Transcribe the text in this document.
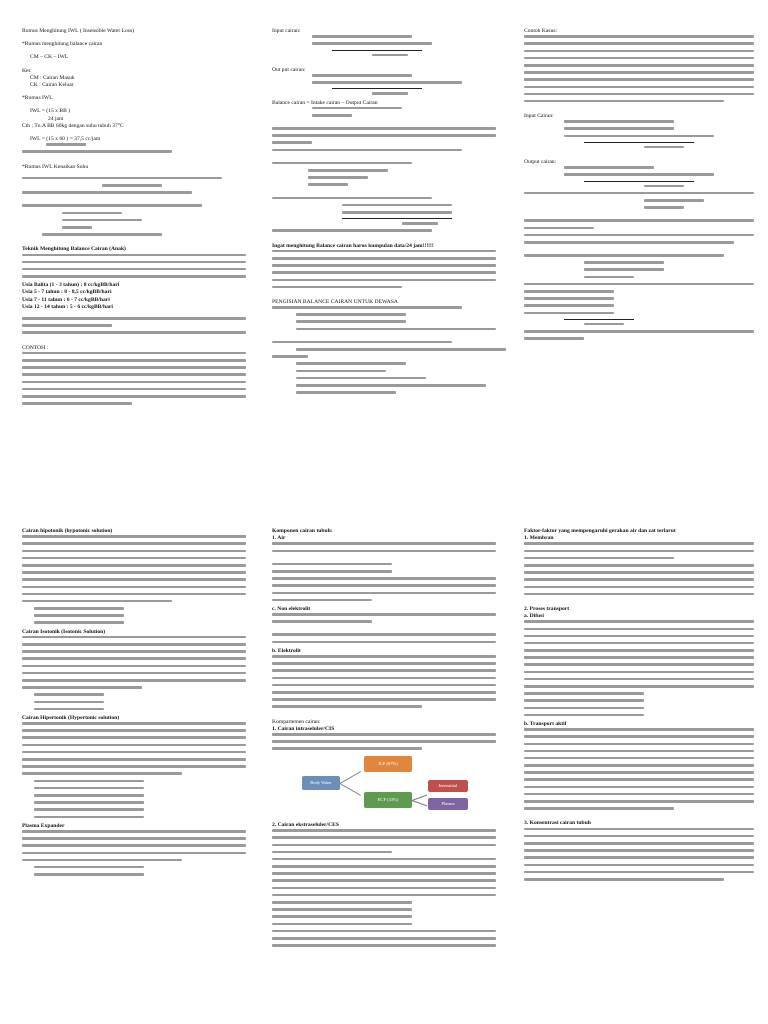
Rumus Menghitung IWL ( Insensible Water Loss)
*Rumus menghitung balance cairan
CM – CK – IWL
Ket:
CM : Cairan Masuk
CK : Cairan Keluar
*Rumus IWL
IWL = (15 x BB )
24 jam
Cth : Tn.A BB 60kg dengan suhu tubuh 37°C
IWL = (15 x 60 ) = 37,5 cc/jam
*Rumus IWL Kenaikan Suhu
Teknik Menghitung Balance Cairan (Anak)
Usia Balita (1 - 3 tahun) : 8 cc/kgBB/hari
Usia 5 - 7 tahun : 8 - 8,5 cc/kgBB/hari
Usia 7 - 11 tahun : 6 - 7 cc/kgBB/hari
Usia 12 - 14 tahun : 5 - 6 cc/kgBB/hari
CONTOH :
Input cairan:
Out put cairan:
Balance cairan = Intake cairan – Output Cairan
Ingat menghitung Balance cairan harus kumpulan data/24 jam!!!!!!
PENGISIAN BALANCE CAIRAN UNTUK DEWASA
Contoh Kasus:
Input Cairan:
Output cairan:
Cairan hipotonik (hypotonic solution)
Cairan Isotonik (Isotonic Solution)
Cairan Hipertonik (Hypertonic solution)
Plasma Expander
Komponen cairan tubuh:
1. Air
c. Non elektrolit
b. Elektrolit
Kompartemen cairan:
1. Cairan intraseluler/CIS
Body Water
ICF (67%)
ECF (33%)
Interstitial
Plasma
2. Cairan ekstraseluler/CES
Faktor-faktor yang mempengaruhi gerakan air dan zat terlarut
1. Membran
2. Proses transport
a. Difusi
b. Transport aktif
3. Konsentrasi cairan tubuh
